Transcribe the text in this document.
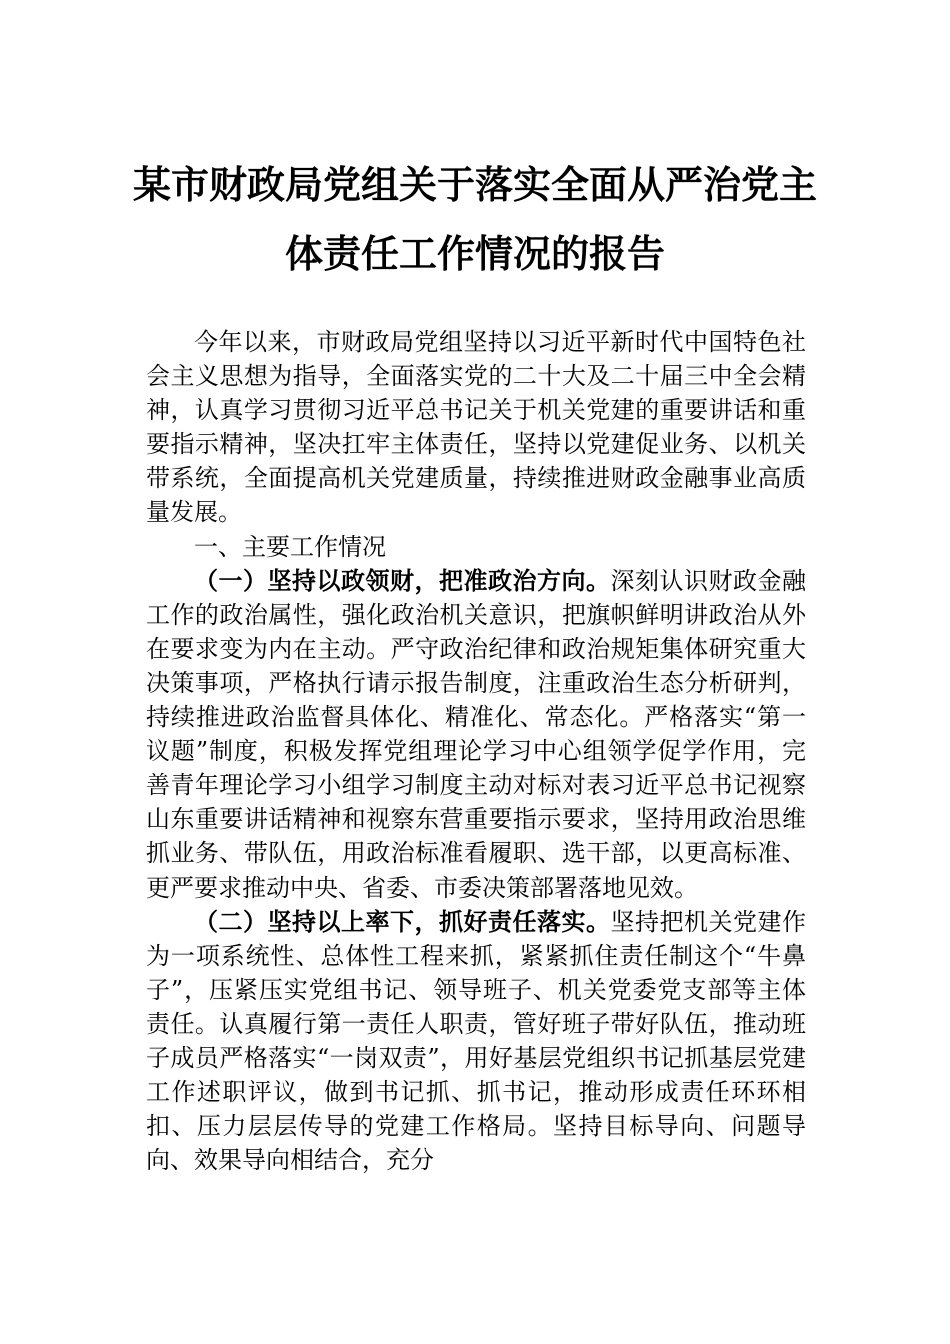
某市财政局党组关于落实全面从严治党主
体责任工作情况的报告

今年以来，市财政局党组坚持以习近平新时代中国特色社会主义思想为指导，全面落实党的二十大及二十届三中全会精神，认真学习贯彻习近平总书记关于机关党建的重要讲话和重要指示精神，坚决扛牢主体责任，坚持以党建促业务、以机关带系统，全面提高机关党建质量，持续推进财政金融事业高质量发展。

一、主要工作情况

（一）坚持以政领财，把准政治方向。深刻认识财政金融工作的政治属性，强化政治机关意识，把旗帜鲜明讲政治从外在要求变为内在主动。严守政治纪律和政治规矩集体研究重大决策事项，严格执行请示报告制度，注重政治生态分析研判，持续推进政治监督具体化、精准化、常态化。严格落实“第一议题”制度，积极发挥党组理论学习中心组领学促学作用，完善青年理论学习小组学习制度主动对标对表习近平总书记视察山东重要讲话精神和视察东营重要指示要求，坚持用政治思维抓业务、带队伍，用政治标准看履职、选干部，以更高标准、更严要求推动中央、省委、市委决策部署落地见效。

（二）坚持以上率下，抓好责任落实。坚持把机关党建作为一项系统性、总体性工程来抓，紧紧抓住责任制这个“牛鼻子”，压紧压实党组书记、领导班子、机关党委党支部等主体责任。认真履行第一责任人职责，管好班子带好队伍，推动班子成员严格落实“一岗双责”，用好基层党组织书记抓基层党建工作述职评议，做到书记抓、抓书记，推动形成责任环环相扣、压力层层传导的党建工作格局。坚持目标导向、问题导向、效果导向相结合，充分
